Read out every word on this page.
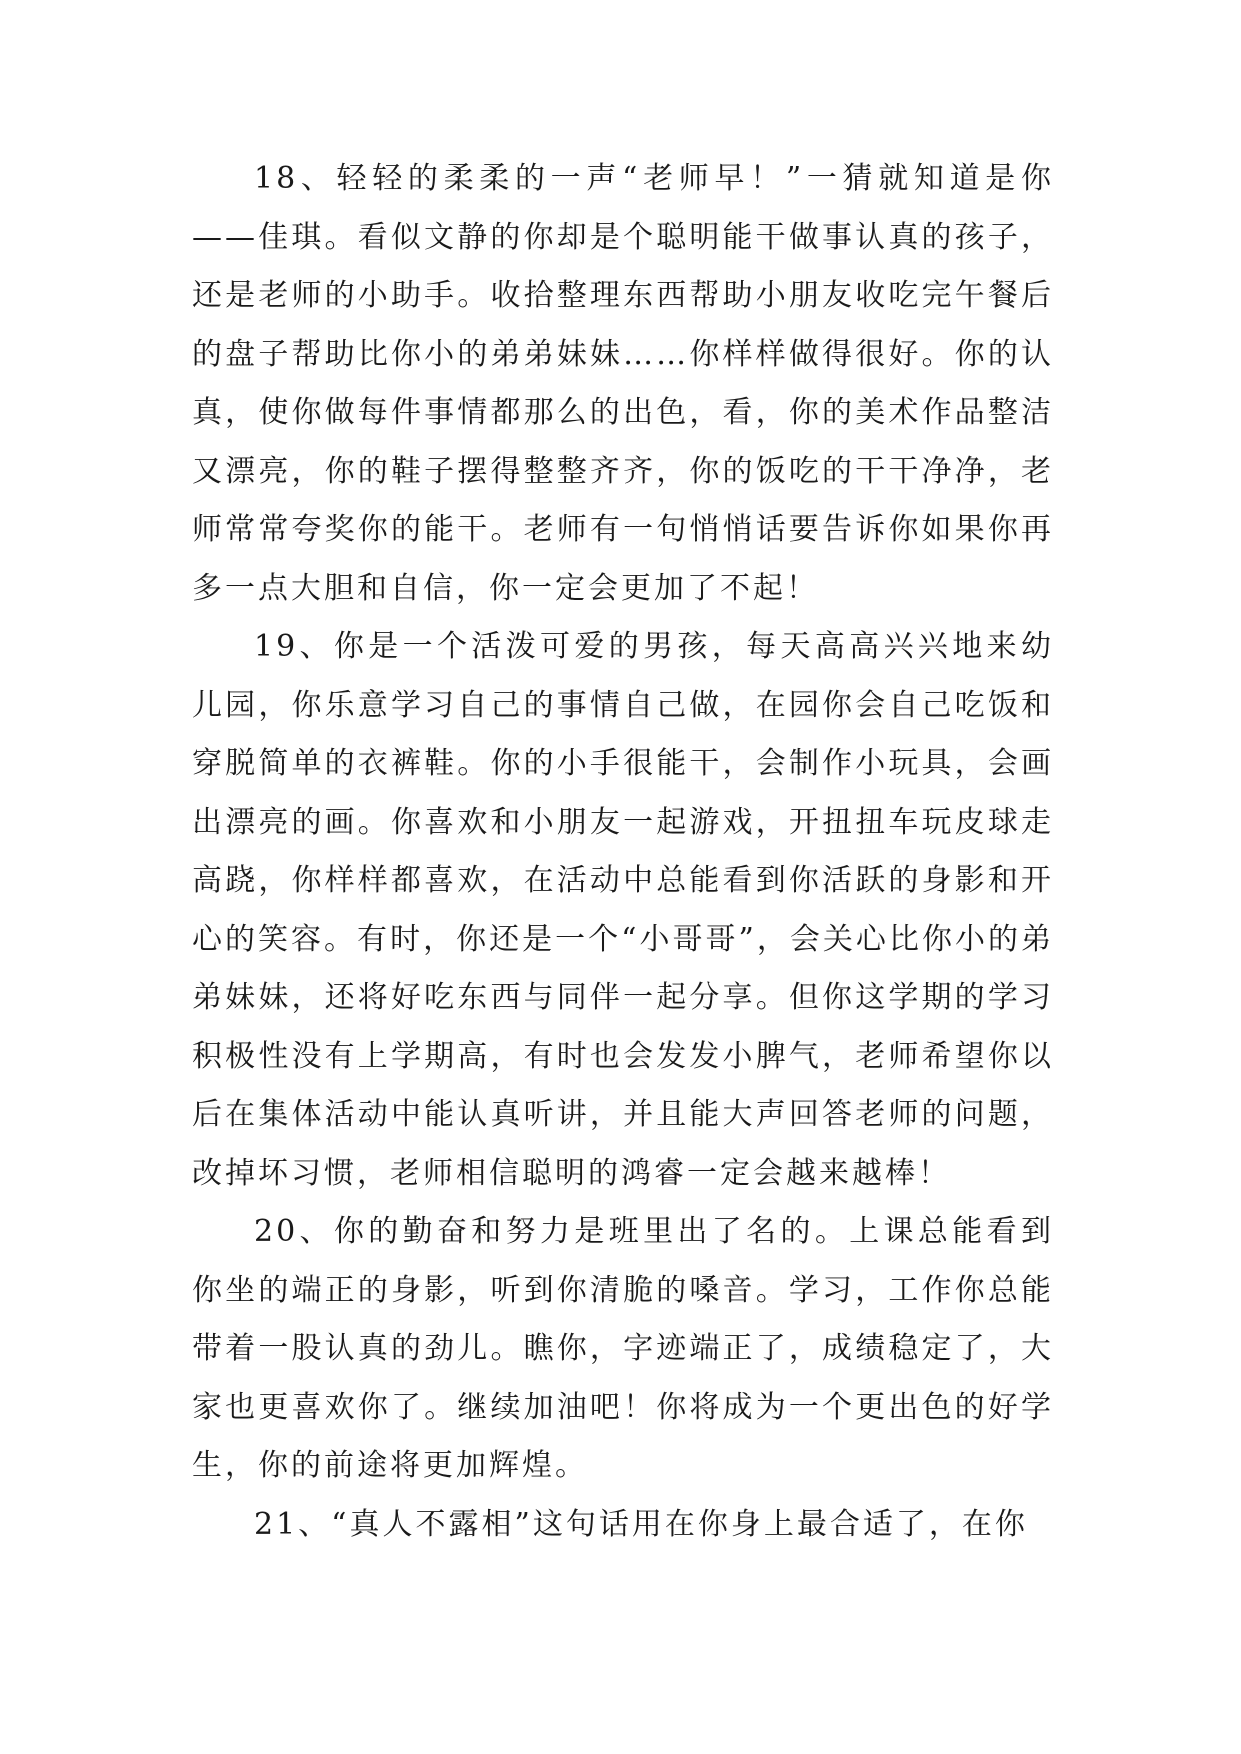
18、轻轻的柔柔的一声“老师早！”一猜就知道是你——佳琪。看似文静的你却是个聪明能干做事认真的孩子，还是老师的小助手。收拾整理东西帮助小朋友收吃完午餐后的盘子帮助比你小的弟弟妹妹……你样样做得很好。你的认真，使你做每件事情都那么的出色，看，你的美术作品整洁又漂亮，你的鞋子摆得整整齐齐，你的饭吃的干干净净，老师常常夸奖你的能干。老师有一句悄悄话要告诉你如果你再多一点大胆和自信，你一定会更加了不起！

19、你是一个活泼可爱的男孩，每天高高兴兴地来幼儿园，你乐意学习自己的事情自己做，在园你会自己吃饭和穿脱简单的衣裤鞋。你的小手很能干，会制作小玩具，会画出漂亮的画。你喜欢和小朋友一起游戏，开扭扭车玩皮球走高跷，你样样都喜欢，在活动中总能看到你活跃的身影和开心的笑容。有时，你还是一个“小哥哥”，会关心比你小的弟弟妹妹，还将好吃东西与同伴一起分享。但你这学期的学习积极性没有上学期高，有时也会发发小脾气，老师希望你以后在集体活动中能认真听讲，并且能大声回答老师的问题，改掉坏习惯，老师相信聪明的鸿睿一定会越来越棒！

20、你的勤奋和努力是班里出了名的。上课总能看到你坐的端正的身影，听到你清脆的嗓音。学习，工作你总能带着一股认真的劲儿。瞧你，字迹端正了，成绩稳定了，大家也更喜欢你了。继续加油吧！你将成为一个更出色的好学生，你的前途将更加辉煌。

21、“真人不露相”这句话用在你身上最合适了，在你
